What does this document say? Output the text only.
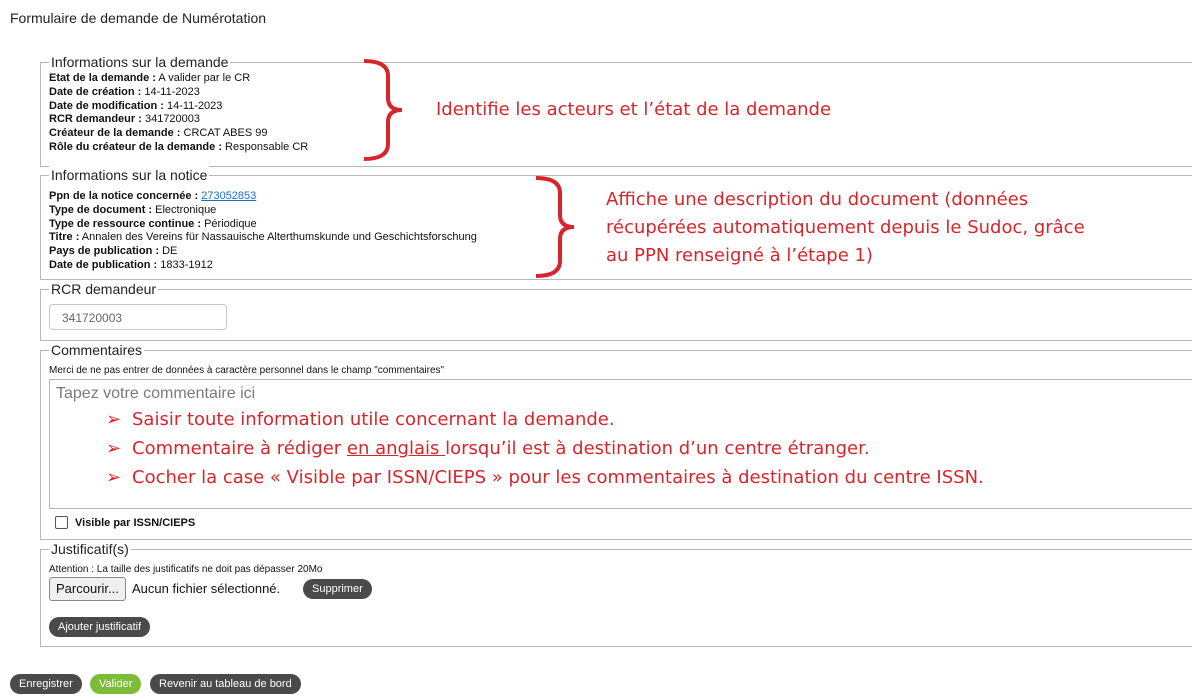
Formulaire de demande de Numérotation
Informations sur la demande
Etat de la demande : A valider par le CR
Date de création : 14-11-2023
Date de modification : 14-11-2023
RCR demandeur : 341720003
Créateur de la demande : CRCAT ABES 99
Rôle du créateur de la demande : Responsable CR
Informations sur la notice
Ppn de la notice concernée : 273052853
Type de document : Electronique
Type de ressource continue : Périodique
Titre : Annalen des Vereins für Nassauische Alterthumskunde und Geschichtsforschung
Pays de publication : DE
Date de publication : 1833-1912
RCR demandeur
341720003
Commentaires
Merci de ne pas entrer de données à caractère personnel dans le champ "commentaires"
Tapez votre commentaire ici
Visible par ISSN/CIEPS
Justificatif(s)
Attention : La taille des justificatifs ne doit pas dépasser 20Mo
Parcourir...	Aucun fichier sélectionné.	Supprimer
Ajouter justificatif
Enregistrer	Valider	Revenir au tableau de bord
Identifie les acteurs et l’état de la demande
Affiche une description du document (données
récupérées automatiquement depuis le Sudoc, grâce
au PPN renseigné à l’étape 1)
➢ Saisir toute information utile concernant la demande.
➢ Commentaire à rédiger en anglais lorsqu’il est à destination d’un centre étranger.
➢ Cocher la case « Visible par ISSN/CIEPS » pour les commentaires à destination du centre ISSN.
